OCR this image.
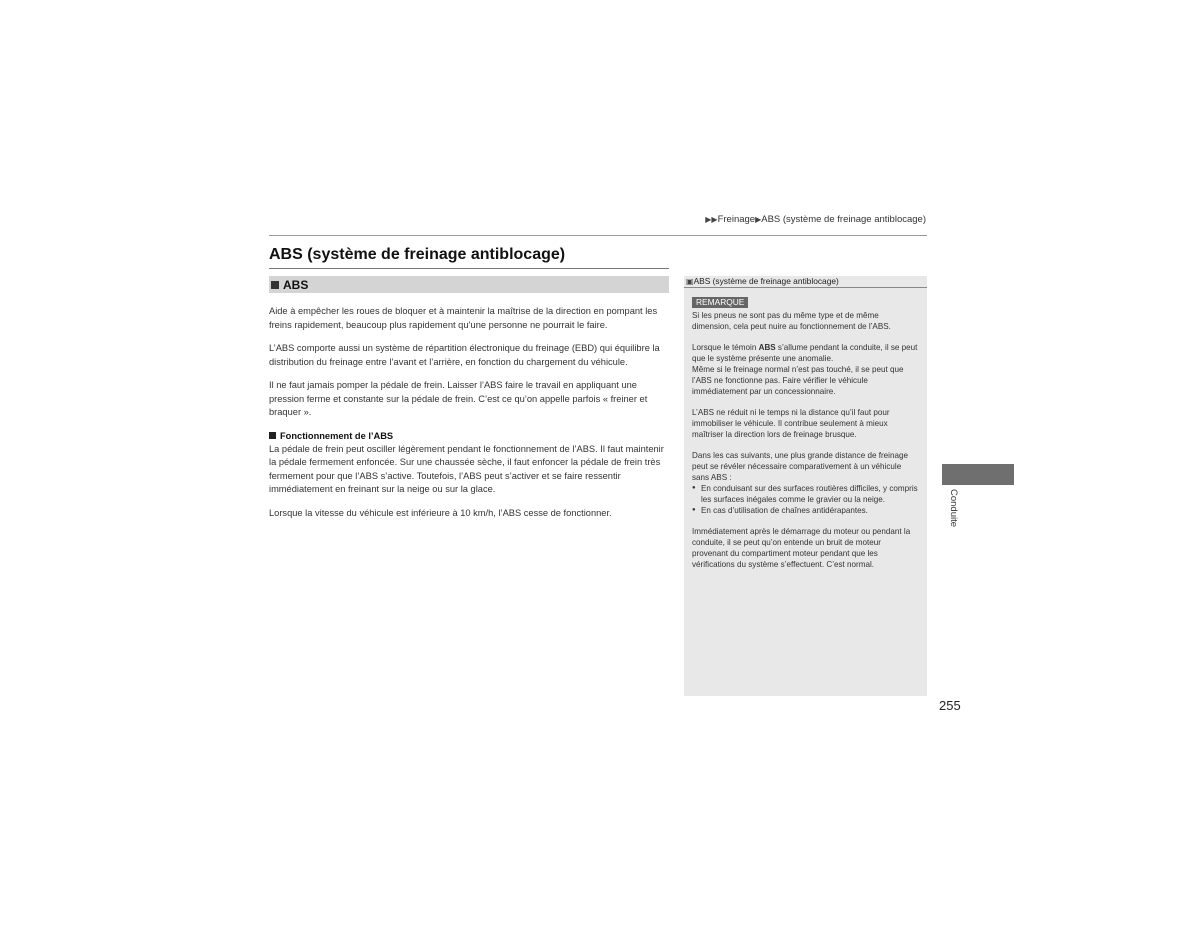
▶▶Freinage▶ABS (système de freinage antiblocage)
ABS (système de freinage antiblocage)
ABS

Aide à empêcher les roues de bloquer et à maintenir la maîtrise de la direction en pompant les freins rapidement, beaucoup plus rapidement qu’une personne ne pourrait le faire.

L’ABS comporte aussi un système de répartition électronique du freinage (EBD) qui équilibre la distribution du freinage entre l’avant et l’arrière, en fonction du chargement du véhicule.

Il ne faut jamais pomper la pédale de frein. Laisser l’ABS faire le travail en appliquant une pression ferme et constante sur la pédale de frein. C’est ce qu’on appelle parfois « freiner et braquer ».

Fonctionnement de l’ABS

La pédale de frein peut osciller légèrement pendant le fonctionnement de l’ABS. Il faut maintenir la pédale fermement enfoncée. Sur une chaussée sèche, il faut enfoncer la pédale de frein très fermement pour que l’ABS s’active. Toutefois, l’ABS peut s’activer et se faire ressentir immédiatement en freinant sur la neige ou sur la glace.

Lorsque la vitesse du véhicule est inférieure à 10 km/h, l’ABS cesse de fonctionner.

▣ABS (système de freinage antiblocage)
REMARQUE

Si les pneus ne sont pas du même type et de même dimension, cela peut nuire au fonctionnement de l’ABS.

Lorsque le témoin ABS s’allume pendant la conduite, il se peut que le système présente une anomalie.

Même si le freinage normal n’est pas touché, il se peut que l’ABS ne fonctionne pas. Faire vérifier le véhicule immédiatement par un concessionnaire.

L’ABS ne réduit ni le temps ni la distance qu’il faut pour immobiliser le véhicule. Il contribue seulement à mieux maîtriser la direction lors de freinage brusque.

Dans les cas suivants, une plus grande distance de freinage peut se révéler nécessaire comparativement à un véhicule sans ABS :

● En conduisant sur des surfaces routières difficiles, y compris les surfaces inégales comme le gravier ou la neige.
● En cas d’utilisation de chaînes antidérapantes.

Immédiatement après le démarrage du moteur ou pendant la conduite, il se peut qu’on entende un bruit de moteur provenant du compartiment moteur pendant que les vérifications du système s’effectuent. C’est normal.

Conduite
255
